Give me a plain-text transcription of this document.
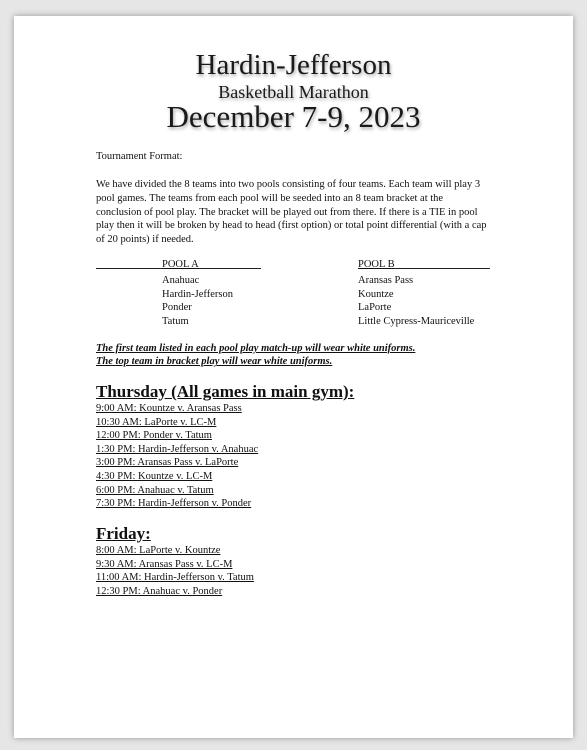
Hardin-Jefferson
Basketball Marathon
December 7-9, 2023
Tournament Format:
We have divided the 8 teams into two pools consisting of four teams. Each team will play 3 pool games. The teams from each pool will be seeded into an 8 team bracket at the conclusion of pool play. The bracket will be played out from there. If there is a TIE in pool play then it will be broken by head to head (first option) or total point differential (with a cap of 20 points) if needed.
POOL A
Anahuac
Hardin-Jefferson
Ponder
Tatum
POOL B
Aransas Pass
Kountze
LaPorte
Little Cypress-Mauriceville
The first team listed in each pool play match-up will wear white uniforms.
The top team in bracket play will wear white uniforms.
Thursday (All games in main gym):
9:00 AM: Kountze v. Aransas Pass
10:30 AM: LaPorte v. LC-M
12:00 PM: Ponder v. Tatum
1:30 PM: Hardin-Jefferson v. Anahuac
3:00 PM: Aransas Pass v. LaPorte
4:30 PM: Kountze v. LC-M
6:00 PM: Anahuac v. Tatum
7:30 PM: Hardin-Jefferson v. Ponder
Friday:
8:00 AM: LaPorte v. Kountze
9:30 AM: Aransas Pass v. LC-M
11:00 AM: Hardin-Jefferson v. Tatum
12:30 PM: Anahuac v. Ponder
